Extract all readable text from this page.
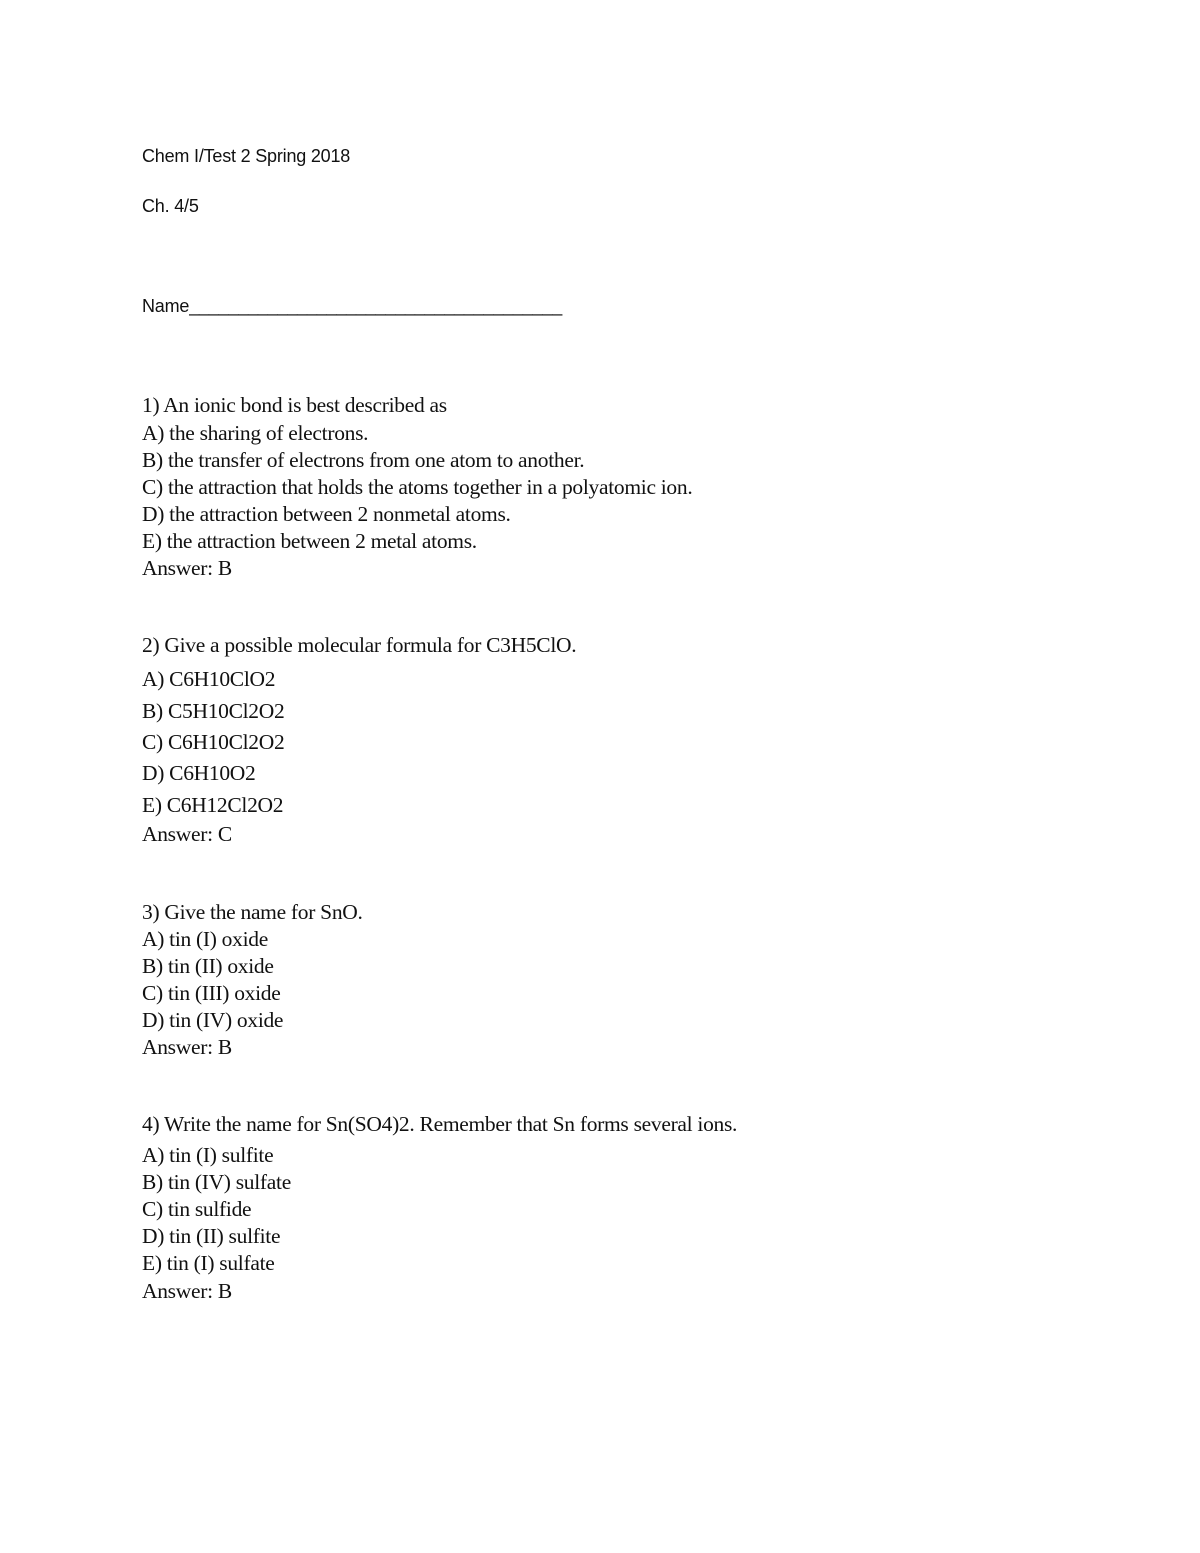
Chem I/Test 2 Spring 2018
Ch. 4/5
Name______________________________________
1) An ionic bond is best described as
A) the sharing of electrons.
B) the transfer of electrons from one atom to another.
C) the attraction that holds the atoms together in a polyatomic ion.
D) the attraction between 2 nonmetal atoms.
E) the attraction between 2 metal atoms.
Answer: B
2) Give a possible molecular formula for C3H5ClO.
A) C6H10ClO2
B) C5H10Cl2O2
C) C6H10Cl2O2
D) C6H10O2
E) C6H12Cl2O2
Answer: C
3) Give the name for SnO.
A) tin (I) oxide
B) tin (II) oxide
C) tin (III) oxide
D) tin (IV) oxide
Answer: B
4) Write the name for Sn(SO4)2. Remember that Sn forms several ions.
A) tin (I) sulfite
B) tin (IV) sulfate
C) tin sulfide
D) tin (II) sulfite
E) tin (I) sulfate
Answer: B
